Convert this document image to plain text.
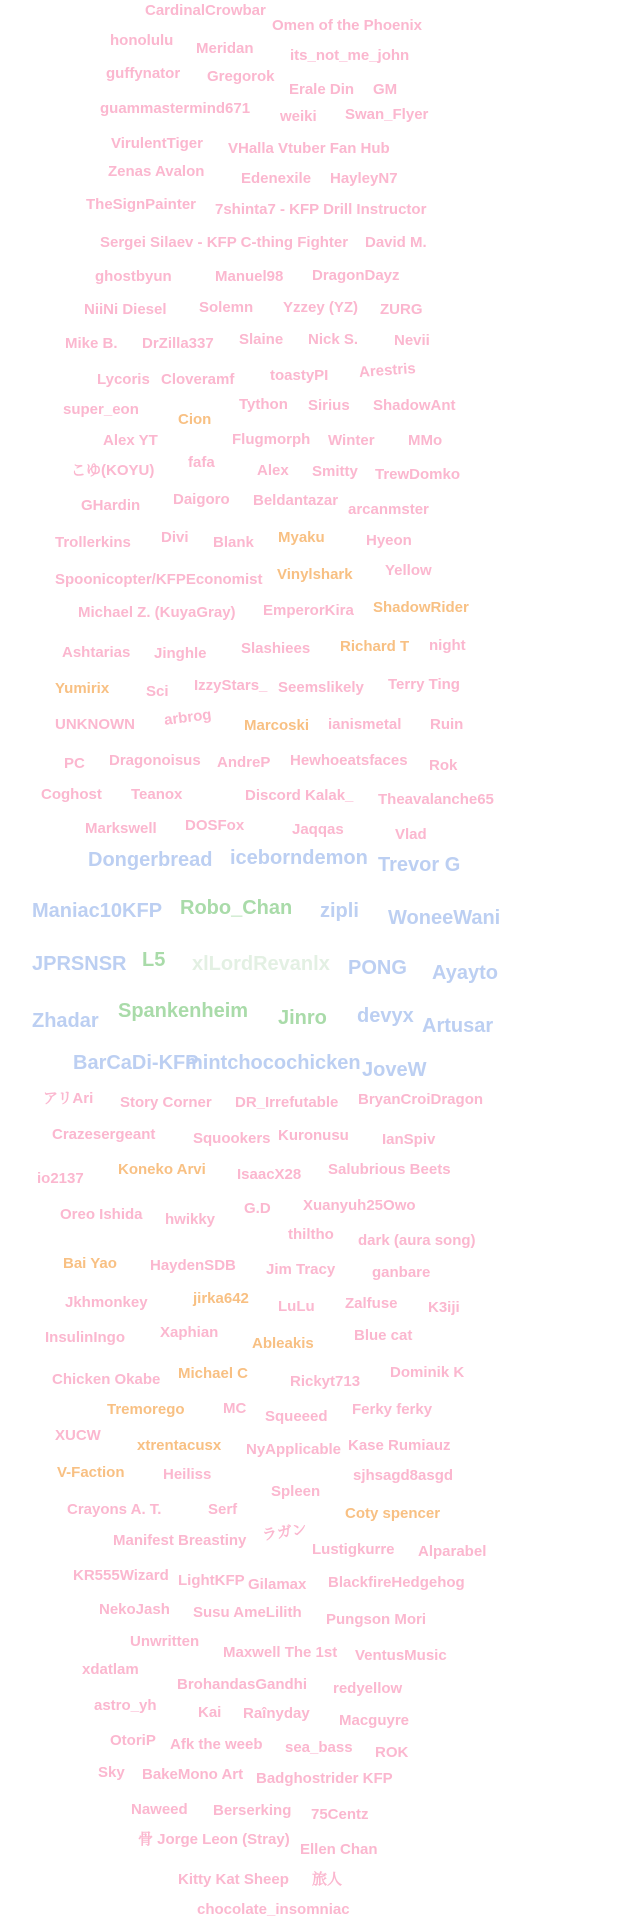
CardinalCrowbar
Omen of the Phoenix
honolulu Meridan its_not_me_john
guffynator Gregorok
Erale Din GM
guammastermind671 weiki Swan_Flyer
VirulentTiger VHalla Vtuber Fan Hub
Zenas Avalon Edenexile HayleyN7
TheSignPainter 7shinta7 - KFP Drill Instructor
Sergei Silaev - KFP C-thing Fighter David M.
ghostbyun	Manuel98 DragonDayz
NiiNi Diesel Solemn Yzzey (YZ) ZURG
Mike B. DrZilla337 Slaine Nick S. Nevii
Lycoris Cloveramf toastyPI Arestris
super_eon
Cion
Tython Sirius ShadowAnt
Alex YT	Flugmorph Winter MMo
fafa
こゆ(KOYU)	Alex Smitty TrewDomko
GHardin Daigoro Beldantazar
arcanmster
Trollerkins Divi Blank Myaku	Hyeon
Spoonicopter/KFPEconomist Vinylshark Yellow
Michael Z. (KuyaGray) EmperorKira ShadowRider
Ashtarias Jinghle Slashiees Richard T night
Yumirix Sci IzzyStars_ Seemslikely Terry Ting
UNKNOWN arbrog Marcoski ianismetal Ruin
PC Dragonoisus AndreP Hewhoeatsfaces Rok
Coghost Teanox	Discord Kalak_ Theavalanche65
Markswell DOSFox	Jaqqas	Vlad
Dongerbread iceborndemon Trevor G
Maniac10KFP Robo_Chan zipli WoneeWani
JPRSNSR L5 xlLordRevanlx PONG Ayayto
Zhadar Spankenheim Jinro devyx Artusar
BarCaDi-KFP
mintchocochicken JoveW
アリAri Story Corner DR_Irrefutable BryanCroiDragon
Crazesergeant	Squookers Kuronusu IanSpiv
io2137
Koneko Arvi IsaacX28 Salubrious Beets
G.D Xuanyuh25Owo
Oreo Ishida hwikky
thiltho dark (aura song)
Bai Yao HaydenSDB Jim Tracy ganbare
Jkhmonkey	jirka642 LuLu Zalfuse K3iji
InsulinIngo Xaphian
Ableakis	Blue cat
Chicken Okabe Michael C	Rickyt713
Dominik K
Tremorego	MC Squeeed Ferky ferky
XUCW
xtrentacusx NyApplicable Kase Rumiauz
V-Faction	Heiliss	sjhsagd8asgd
Spleen
Crayons A. T.	Serf	Coty spencer
Manifest Breastiny ラガン
Lustigkurre Alparabel
KR555Wizard LightKFP Gilamax BlackfireHedgehog
NekoJash Susu AmeLilith Pungson Mori
Unwritten
Maxwell The 1st VentusMusic
xdatlam
BrohandasGandhi redyellow
astro_yh	Kai Raînyday Macguyre
OtoriP Afk the weeb sea_bass ROK
Sky BakeMono Art Badghostrider KFP
Naweed Berserking 75Centz
骨 Jorge Leon (Stray)
Ellen Chan
Kitty Kat Sheep 旅人
chocolate_insomniac
